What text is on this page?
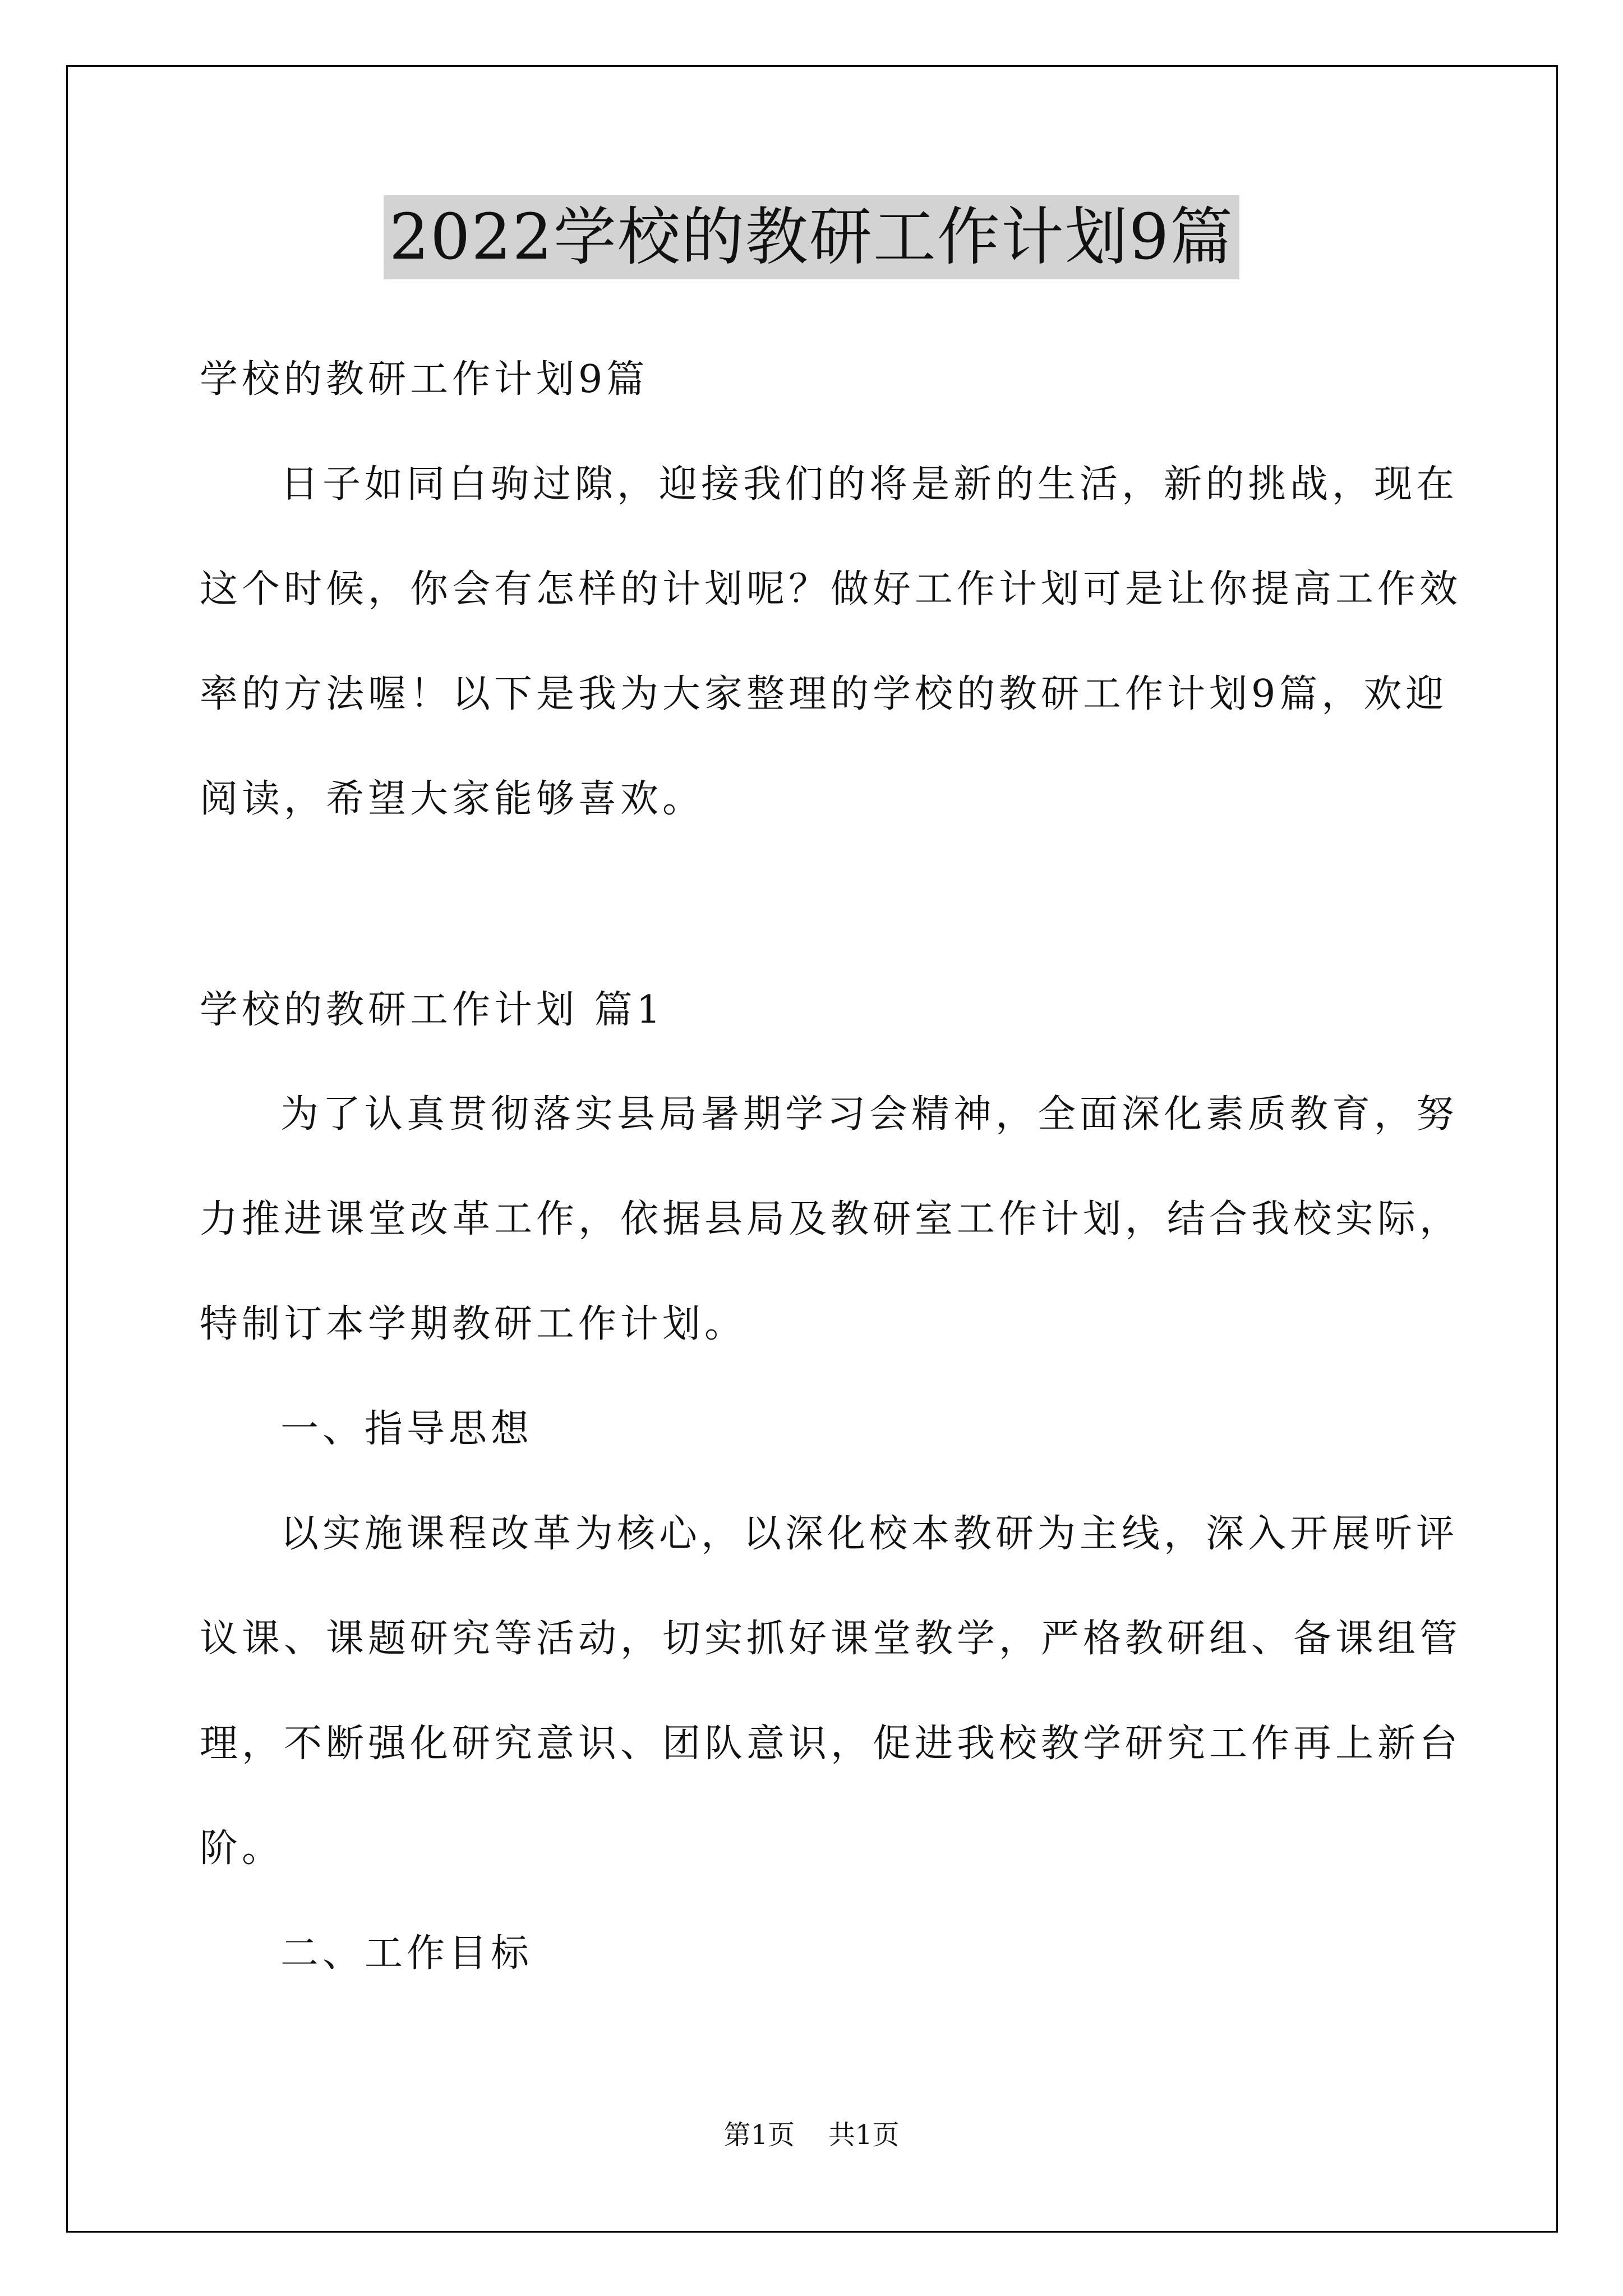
2022学校的教研工作计划9篇
学校的教研工作计划9篇
日子如同白驹过隙，迎接我们的将是新的生活，新的挑战，现在
这个时候，你会有怎样的计划呢？做好工作计划可是让你提高工作效
率的方法喔！以下是我为大家整理的学校的教研工作计划9篇，欢迎
阅读，希望大家能够喜欢。
学校的教研工作计划 篇1
为了认真贯彻落实县局暑期学习会精神，全面深化素质教育，努
力推进课堂改革工作，依据县局及教研室工作计划，结合我校实际，
特制订本学期教研工作计划。
一、指导思想
以实施课程改革为核心，以深化校本教研为主线，深入开展听评
议课、课题研究等活动，切实抓好课堂教学，严格教研组、备课组管
理，不断强化研究意识、团队意识，促进我校教学研究工作再上新台
阶。
二、工作目标
第1页 共1页
